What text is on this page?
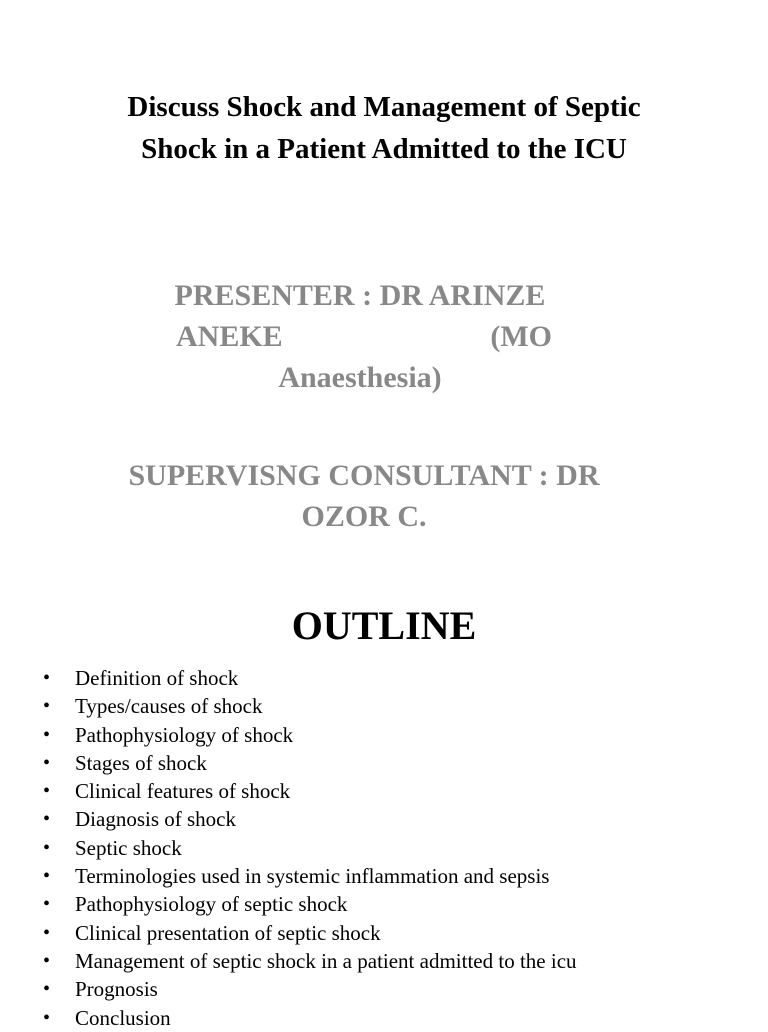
Discuss Shock and Management of Septic
Shock in a Patient Admitted to the ICU
PRESENTER : DR ARINZE
ANEKE	(MO
Anaesthesia)
SUPERVISNG CONSULTANT : DR
OZOR C.
OUTLINE
• Definition of shock
• Types/causes of shock
• Pathophysiology of shock
• Stages of shock
• Clinical features of shock
• Diagnosis of shock
• Septic shock
• Terminologies used in systemic inflammation and sepsis
• Pathophysiology of septic shock
• Clinical presentation of septic shock
• Management of septic shock in a patient admitted to the icu
• Prognosis
• Conclusion
